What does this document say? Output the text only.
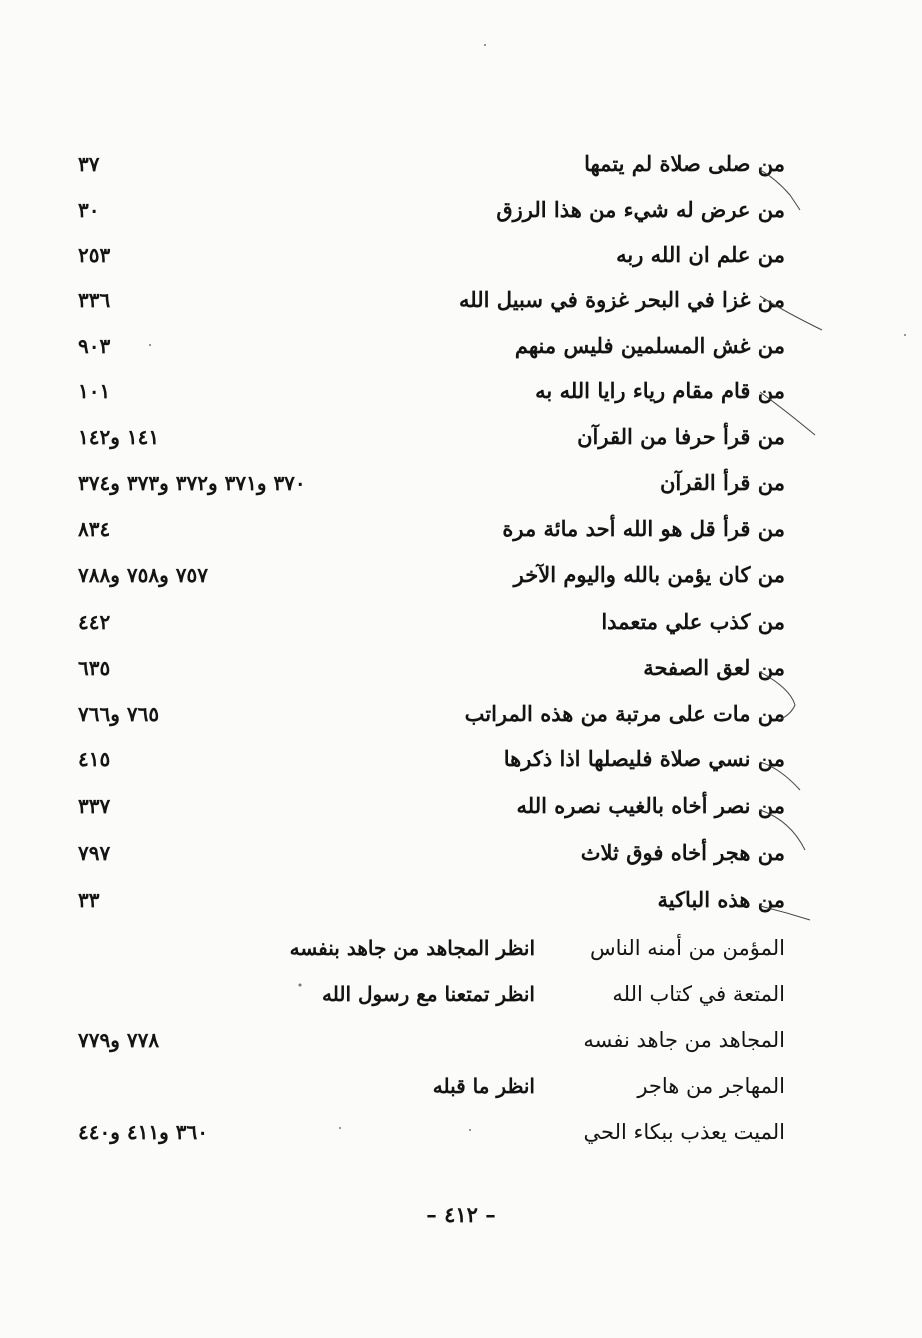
من صلى صلاة لم يتمها
٣٧
من عرض له شيء من هذا الرزق
٣٠
من علم ان الله ربه
٢٥٣
من غزا في البحر غزوة في سبيل الله
٣٣٦
من غش المسلمين فليس منهم
٩٠٣
من قام مقام رياء رايا الله به
١٠١
من قرأ حرفا من القرآن
١٤١ و١٤٢
من قرأ القرآن
٣٧٠ و٣٧١ و٣٧٢ و٣٧٣ و٣٧٤
من قرأ قل هو الله أحد مائة مرة
٨٣٤
من كان يؤمن بالله واليوم الآخر
٧٥٧ و٧٥٨ و٧٨٨
من كذب علي متعمدا
٤٤٢
من لعق الصفحة
٦٣٥
من مات على مرتبة من هذه المراتب
٧٦٥ و٧٦٦
من نسي صلاة فليصلها اذا ذكرها
٤١٥
من نصر أخاه بالغيب نصره الله
٣٣٧
من هجر أخاه فوق ثلاث
٧٩٧
من هذه الباكية
٣٣
المؤمن من أمنه الناس
انظر المجاهد من جاهد بنفسه
المتعة في كتاب الله
انظر تمتعنا مع رسول الله
المجاهد من جاهد نفسه
٧٧٨ و٧٧٩
المهاجر من هاجر
انظر ما قبله
الميت يعذب ببكاء الحي
٣٦٠ و٤١١ و٤٤٠
– ٤١٢ –
